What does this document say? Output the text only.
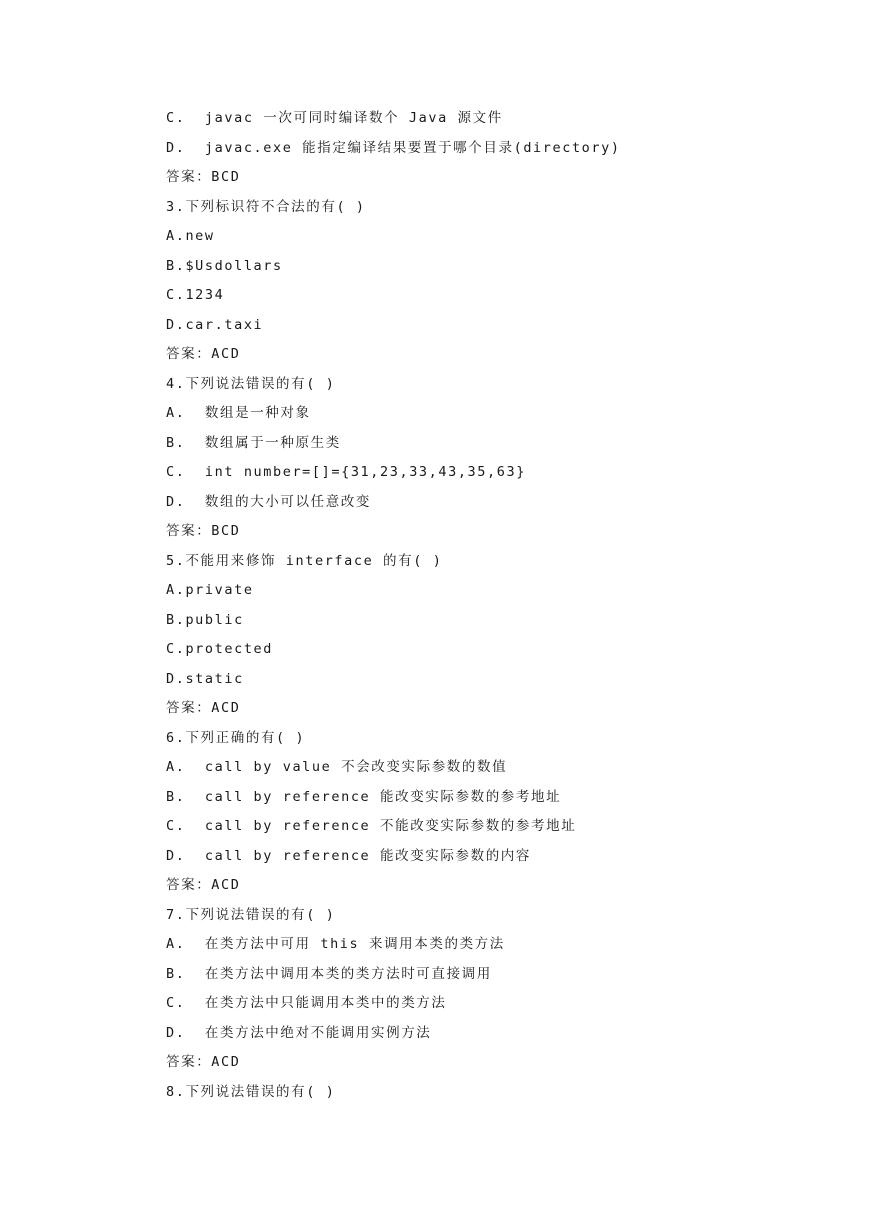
C.  javac 一次可同时编译数个 Java 源文件
D.  javac.exe 能指定编译结果要置于哪个目录(directory)
答案：BCD
3.下列标识符不合法的有( )
A.new
B.$Usdollars
C.1234
D.car.taxi
答案：ACD
4.下列说法错误的有( )
A.  数组是一种对象
B.  数组属于一种原生类
C.  int number=[]={31,23,33,43,35,63}
D.  数组的大小可以任意改变
答案：BCD
5.不能用来修饰 interface 的有( )
A.private
B.public
C.protected
D.static
答案：ACD
6.下列正确的有( )
A.  call by value 不会改变实际参数的数值
B.  call by reference 能改变实际参数的参考地址
C.  call by reference 不能改变实际参数的参考地址
D.  call by reference 能改变实际参数的内容
答案：ACD
7.下列说法错误的有( )
A.  在类方法中可用 this 来调用本类的类方法
B.  在类方法中调用本类的类方法时可直接调用
C.  在类方法中只能调用本类中的类方法
D.  在类方法中绝对不能调用实例方法
答案：ACD
8.下列说法错误的有( )
